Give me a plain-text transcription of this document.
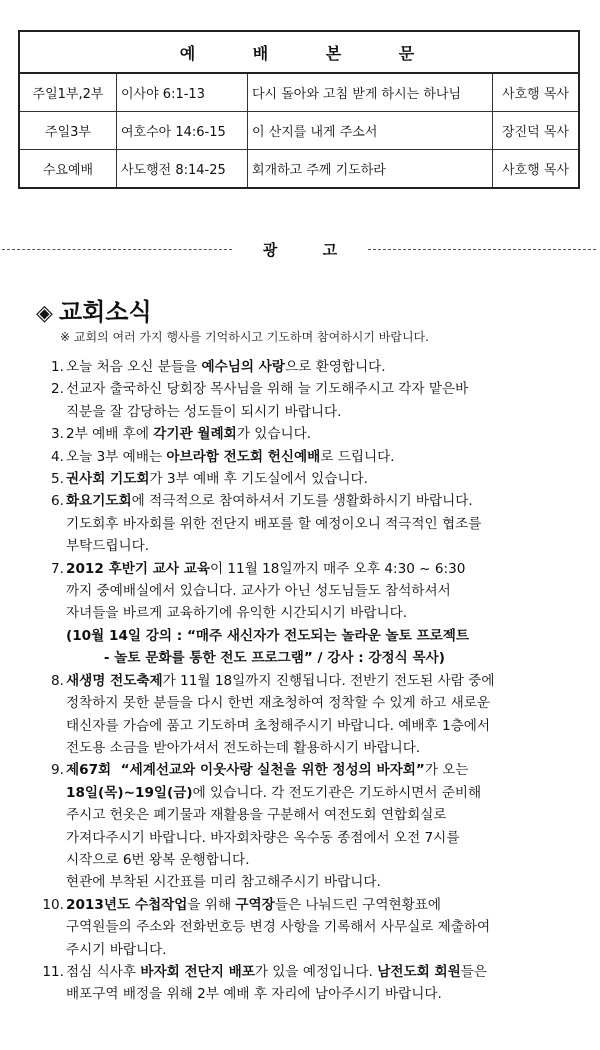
예 배 본 문			
주일1부,2부	이사야 6:1-13	다시 돌아와 고침 받게 하시는 하나님	사호행 목사
주일3부	여호수아 14:6-15	이 산지를 내게 주소서	장진덕 목사
수요예배	사도행전 8:14-25	회개하고 주께 기도하라	사호행 목사
광 고
◈ 교회소식
※ 교회의 여러 가지 행사를 기억하시고 기도하며 참여하시기 바랍니다.
1. 오늘 처음 오신 분들을 예수님의 사랑으로 환영합니다.
2. 선교자 출국하신 당회장 목사님을 위해 늘 기도해주시고 각자 맡은바
직분을 잘 감당하는 성도들이 되시기 바랍니다.
3. 2부 예배 후에 각기관 월례회가 있습니다.
4. 오늘 3부 예배는 아브라함 전도회 헌신예배로 드립니다.
5. 권사회 기도회가 3부 예배 후 기도실에서 있습니다.
6. 화요기도회에 적극적으로 참여하셔서 기도를 생활화하시기 바랍니다.
기도회후 바자회를 위한 전단지 배포를 할 예정이오니 적극적인 협조를
부탁드립니다.
7. 2012 후반기 교사 교육이 11월 18일까지 매주 오후 4:30 ~ 6:30
까지 중예배실에서 있습니다. 교사가 아닌 성도님들도 참석하셔서
자녀들을 바르게 교육하기에 유익한 시간되시기 바랍니다.
(10월 14일 강의 : “매주 새신자가 전도되는 놀라운 놀토 프로젝트
- 놀토 문화를 통한 전도 프로그램” / 강사 : 강정식 목사)
8. 새생명 전도축제가 11월 18일까지 진행됩니다. 전반기 전도된 사람 중에
정착하지 못한 분들을 다시 한번 재초청하여 정착할 수 있게 하고 새로운
태신자를 가슴에 품고 기도하며 초청해주시기 바랍니다. 예배후 1층에서
전도용 소금을 받아가셔서 전도하는데 활용하시기 바랍니다.
9. 제67회  “세계선교와 이웃사랑 실천을 위한 정성의 바자회”가 오는
18일(목)~19일(금)에 있습니다. 각 전도기관은 기도하시면서 준비해
주시고 헌옷은 폐기물과 재활용을 구분해서 여전도회 연합회실로
가져다주시기 바랍니다. 바자회차량은 옥수동 종점에서 오전 7시를
시작으로 6번 왕복 운행합니다.
현관에 부착된 시간표를 미리 참고해주시기 바랍니다.
10. 2013년도 수첩작업을 위해 구역장들은 나눠드린 구역현황표에
구역원들의 주소와 전화번호등 변경 사항을 기록해서 사무실로 제출하여
주시기 바랍니다.
11. 점심 식사후 바자회 전단지 배포가 있을 예정입니다. 남전도회 회원들은
배포구역 배정을 위해 2부 예배 후 자리에 남아주시기 바랍니다.
